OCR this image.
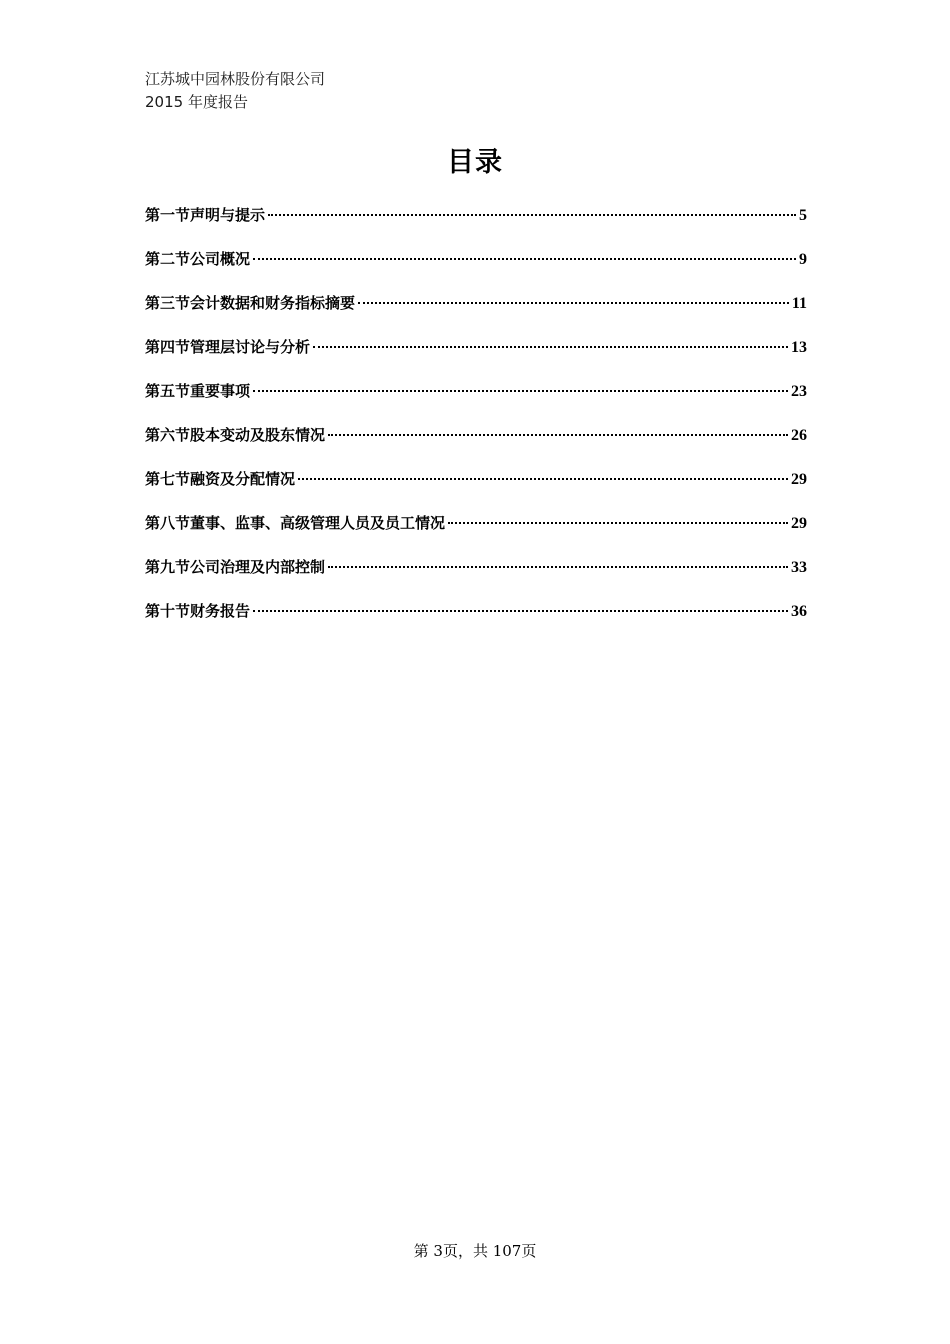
江苏城中园林股份有限公司
2015 年度报告
目录
第一节声明与提示	5
第二节公司概况	9
第三节会计数据和财务指标摘要	11
第四节管理层讨论与分析	13
第五节重要事项	23
第六节股本变动及股东情况	26
第七节融资及分配情况	29
第八节董事、监事、高级管理人员及员工情况	29
第九节公司治理及内部控制	33
第十节财务报告	36
第 3页，共 107页
